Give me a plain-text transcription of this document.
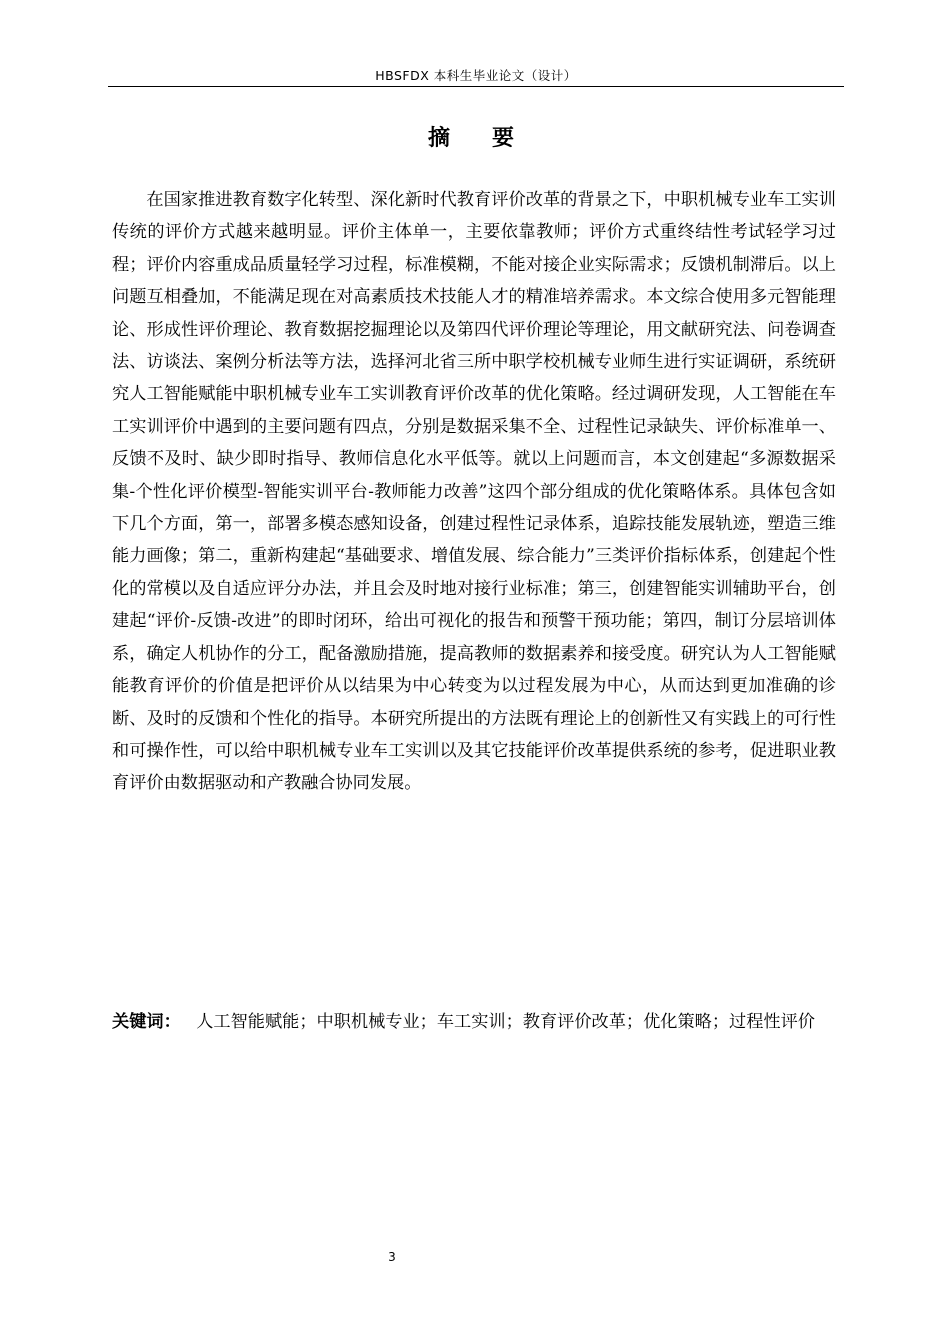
HBSFDX 本科生毕业论文（设计）
摘　要

在国家推进教育数字化转型、深化新时代教育评价改革的背景之下，中职机械专业车工实训传统的评价方式越来越明显。评价主体单一，主要依靠教师；评价方式重终结性考试轻学习过程；评价内容重成品质量轻学习过程，标准模糊，不能对接企业实际需求；反馈机制滞后。以上问题互相叠加，不能满足现在对高素质技术技能人才的精准培养需求。本文综合使用多元智能理论、形成性评价理论、教育数据挖掘理论以及第四代评价理论等理论，用文献研究法、问卷调查法、访谈法、案例分析法等方法，选择河北省三所中职学校机械专业师生进行实证调研，系统研究人工智能赋能中职机械专业车工实训教育评价改革的优化策略。经过调研发现，人工智能在车工实训评价中遇到的主要问题有四点，分别是数据采集不全、过程性记录缺失、评价标准单一、反馈不及时、缺少即时指导、教师信息化水平低等。就以上问题而言，本文创建起“多源数据采集-个性化评价模型-智能实训平台-教师能力改善”这四个部分组成的优化策略体系。具体包含如下几个方面，第一，部署多模态感知设备，创建过程性记录体系，追踪技能发展轨迹，塑造三维能力画像；第二，重新构建起“基础要求、增值发展、综合能力”三类评价指标体系，创建起个性化的常模以及自适应评分办法，并且会及时地对接行业标准；第三，创建智能实训辅助平台，创建起“评价-反馈-改进”的即时闭环，给出可视化的报告和预警干预功能；第四，制订分层培训体系，确定人机协作的分工，配备激励措施，提高教师的数据素养和接受度。研究认为人工智能赋能教育评价的价值是把评价从以结果为中心转变为以过程发展为中心，从而达到更加准确的诊断、及时的反馈和个性化的指导。本研究所提出的方法既有理论上的创新性又有实践上的可行性和可操作性，可以给中职机械专业车工实训以及其它技能评价改革提供系统的参考，促进职业教育评价由数据驱动和产教融合协同发展。

关键词： 人工智能赋能；中职机械专业；车工实训；教育评价改革；优化策略；过程性评价

3
